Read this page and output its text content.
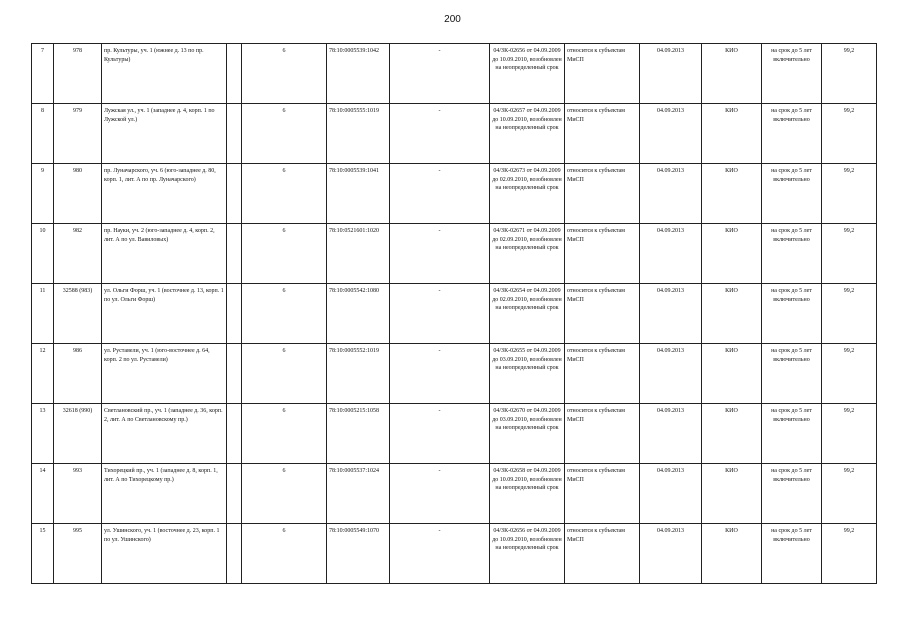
200
7	978	пр. Культуры, уч. 1 (южнее д. 13 по пр. Культуры)		6	78:10:0005539:1042	-	04/ЗК-02656 от 04.09.2009 до 10.09.2010, возобновлен на неопределенный срок	относится к субъектам МиСП	04.09.2013	КИО	на срок до 5 лет включительно	99,2
8	979	Лужская ул., уч. 1 (западнее д. 4, корп. 1 по Лужской ул.)		6	78:10:0005555:1019	-	04/ЗК-02657 от 04.09.2009 до 10.09.2010, возобновлен на неопределенный срок	относится к субъектам МиСП	04.09.2013	КИО	на срок до 5 лет включительно	99,2
9	980	пр. Луначарского, уч. 6 (юго-западнее д. 80, корп. 1, лит. А по пр. Луначарского)		6	78:10:0005539:1041	-	04/ЗК-02673 от 04.09.2009 до 02.09.2010, возобновлен на неопределенный срок	относится к субъектам МиСП	04.09.2013	КИО	на срок до 5 лет включительно	99,2
10	982	пр. Науки, уч. 2 (юго-западнее д. 4, корп. 2, лит. А по ул. Вавиловых)		6	78:10:0521601:1020	-	04/ЗК-02671 от 04.09.2009 до 02.09.2010, возобновлен на неопределенный срок	относится к субъектам МиСП	04.09.2013	КИО	на срок до 5 лет включительно	99,2
11	32588 (983)	ул. Ольги Форш, уч. 1 (восточнее д. 13, корп. 1 по ул. Ольги Форш)		6	78:10:0005542:1080	-	04/ЗК-02654 от 04.09.2009 до 02.09.2010, возобновлен на неопределенный срок	относится к субъектам МиСП	04.09.2013	КИО	на срок до 5 лет включительно	99,2
12	986	ул. Руставели, уч. 1 (юго-восточнее д. 64, корп. 2 по ул. Руставели)		6	78:10:0005552:1019	-	04/ЗК-02655 от 04.09.2009 до 03.09.2010, возобновлен на неопределенный срок	относится к субъектам МиСП	04.09.2013	КИО	на срок до 5 лет включительно	99,2
13	32618 (990)	Светлановский пр., уч. 1 (западнее д. 36, корп. 2, лит. А по Светлановскому пр.)		6	78:10:0005215:1058	-	04/ЗК-02670 от 04.09.2009 до 03.09.2010, возобновлен на неопределенный срок	относится к субъектам МиСП	04.09.2013	КИО	на срок до 5 лет включительно	99,2
14	993	Тихорецкий пр., уч. 1 (западнее д. 8, корп. 1, лит. А по Тихорецкому пр.)		6	78:10:0005537:1024	-	04/ЗК-02658 от 04.09.2009 до 10.09.2010, возобновлен на неопределенный срок	относится к субъектам МиСП	04.09.2013	КИО	на срок до 5 лет включительно	99,2
15	995	ул. Ушинского, уч. 1 (восточнее д. 23, корп. 1 по ул. Ушинского)		6	78:10:0005549:1070	-	04/ЗК-02656 от 04.09.2009 до 10.09.2010, возобновлен на неопределенный срок	относится к субъектам МиСП	04.09.2013	КИО	на срок до 5 лет включительно	99,2
